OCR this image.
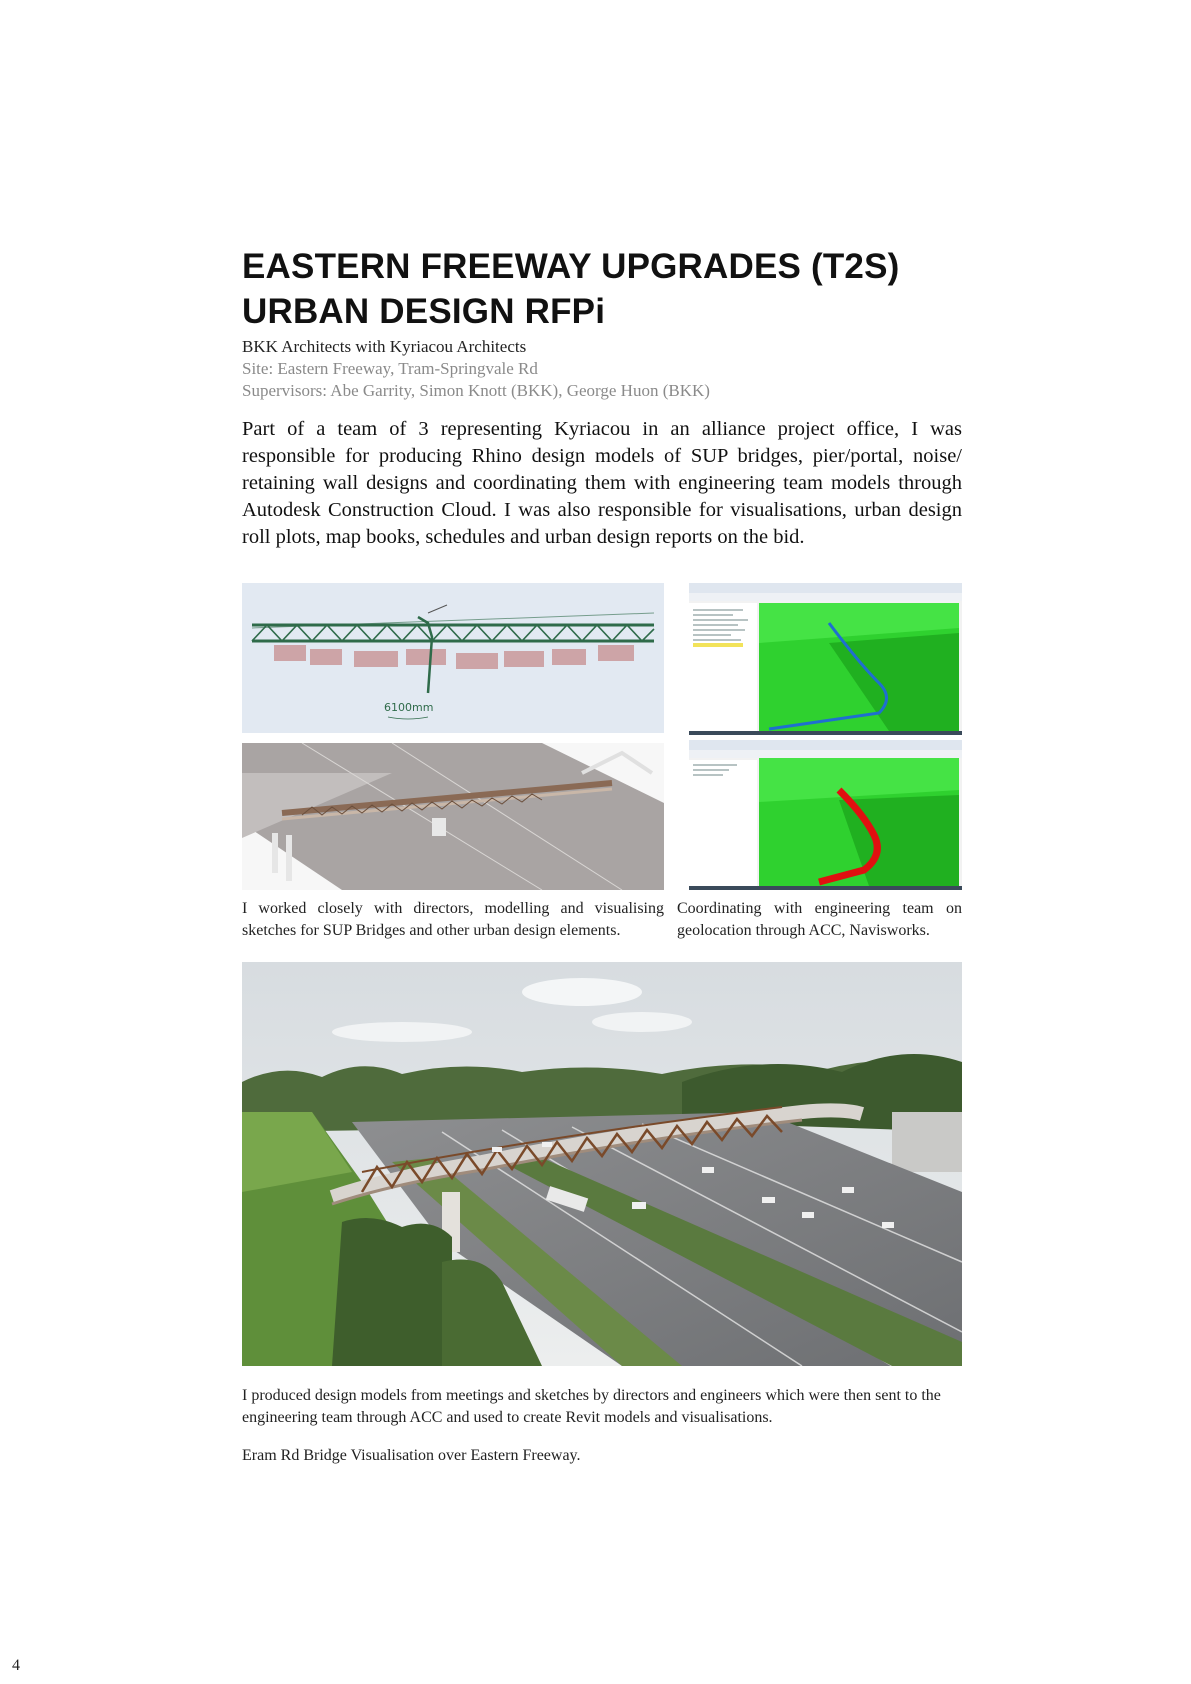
EASTERN FREEWAY UPGRADES (T2S)
URBAN DESIGN RFPi
BKK Architects with Kyriacou Architects
Site: Eastern Freeway, Tram-Springvale Rd
Supervisors: Abe Garrity, Simon Knott (BKK), George Huon (BKK)

Part of a team of 3 representing Kyriacou in an alliance project office, I was responsible for producing Rhino design models of SUP bridges, pier/portal, noise/ retaining wall designs and coordinating them with engineering team models through Autodesk Construction Cloud. I was also responsible for visualisations, urban design roll plots, map books, schedules and urban design reports on the bid.

6100mm

I worked closely with directors, modelling and visualising sketches for SUP Bridges and other urban design elements.

Coordinating with engineering team on geolocation through ACC, Navisworks.

I produced design models from meetings and sketches by directors and engineers which were then sent to the engineering team through ACC and used to create Revit models and visualisations.

Eram Rd Bridge Visualisation over Eastern Freeway.

4
